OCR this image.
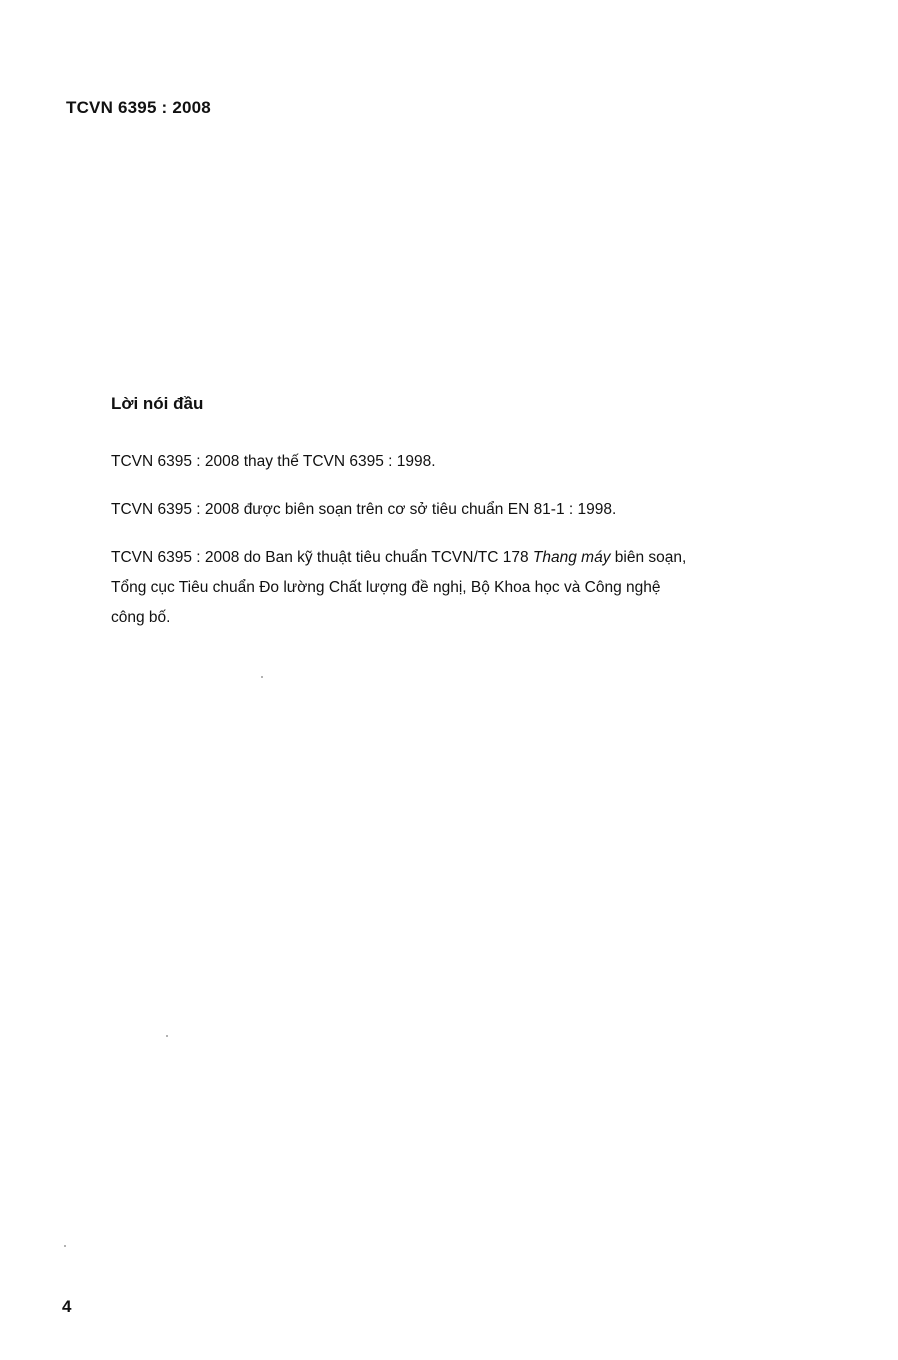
TCVN 6395 : 2008
Lời nói đầu

TCVN 6395 : 2008 thay thế TCVN 6395 : 1998.

TCVN 6395 : 2008 được biên soạn trên cơ sở tiêu chuẩn EN 81-1 : 1998.

TCVN 6395 : 2008 do Ban kỹ thuật tiêu chuẩn TCVN/TC 178 Thang máy biên soạn, Tổng cục Tiêu chuẩn Đo lường Chất lượng đề nghị, Bộ Khoa học và Công nghệ công bố.

4
